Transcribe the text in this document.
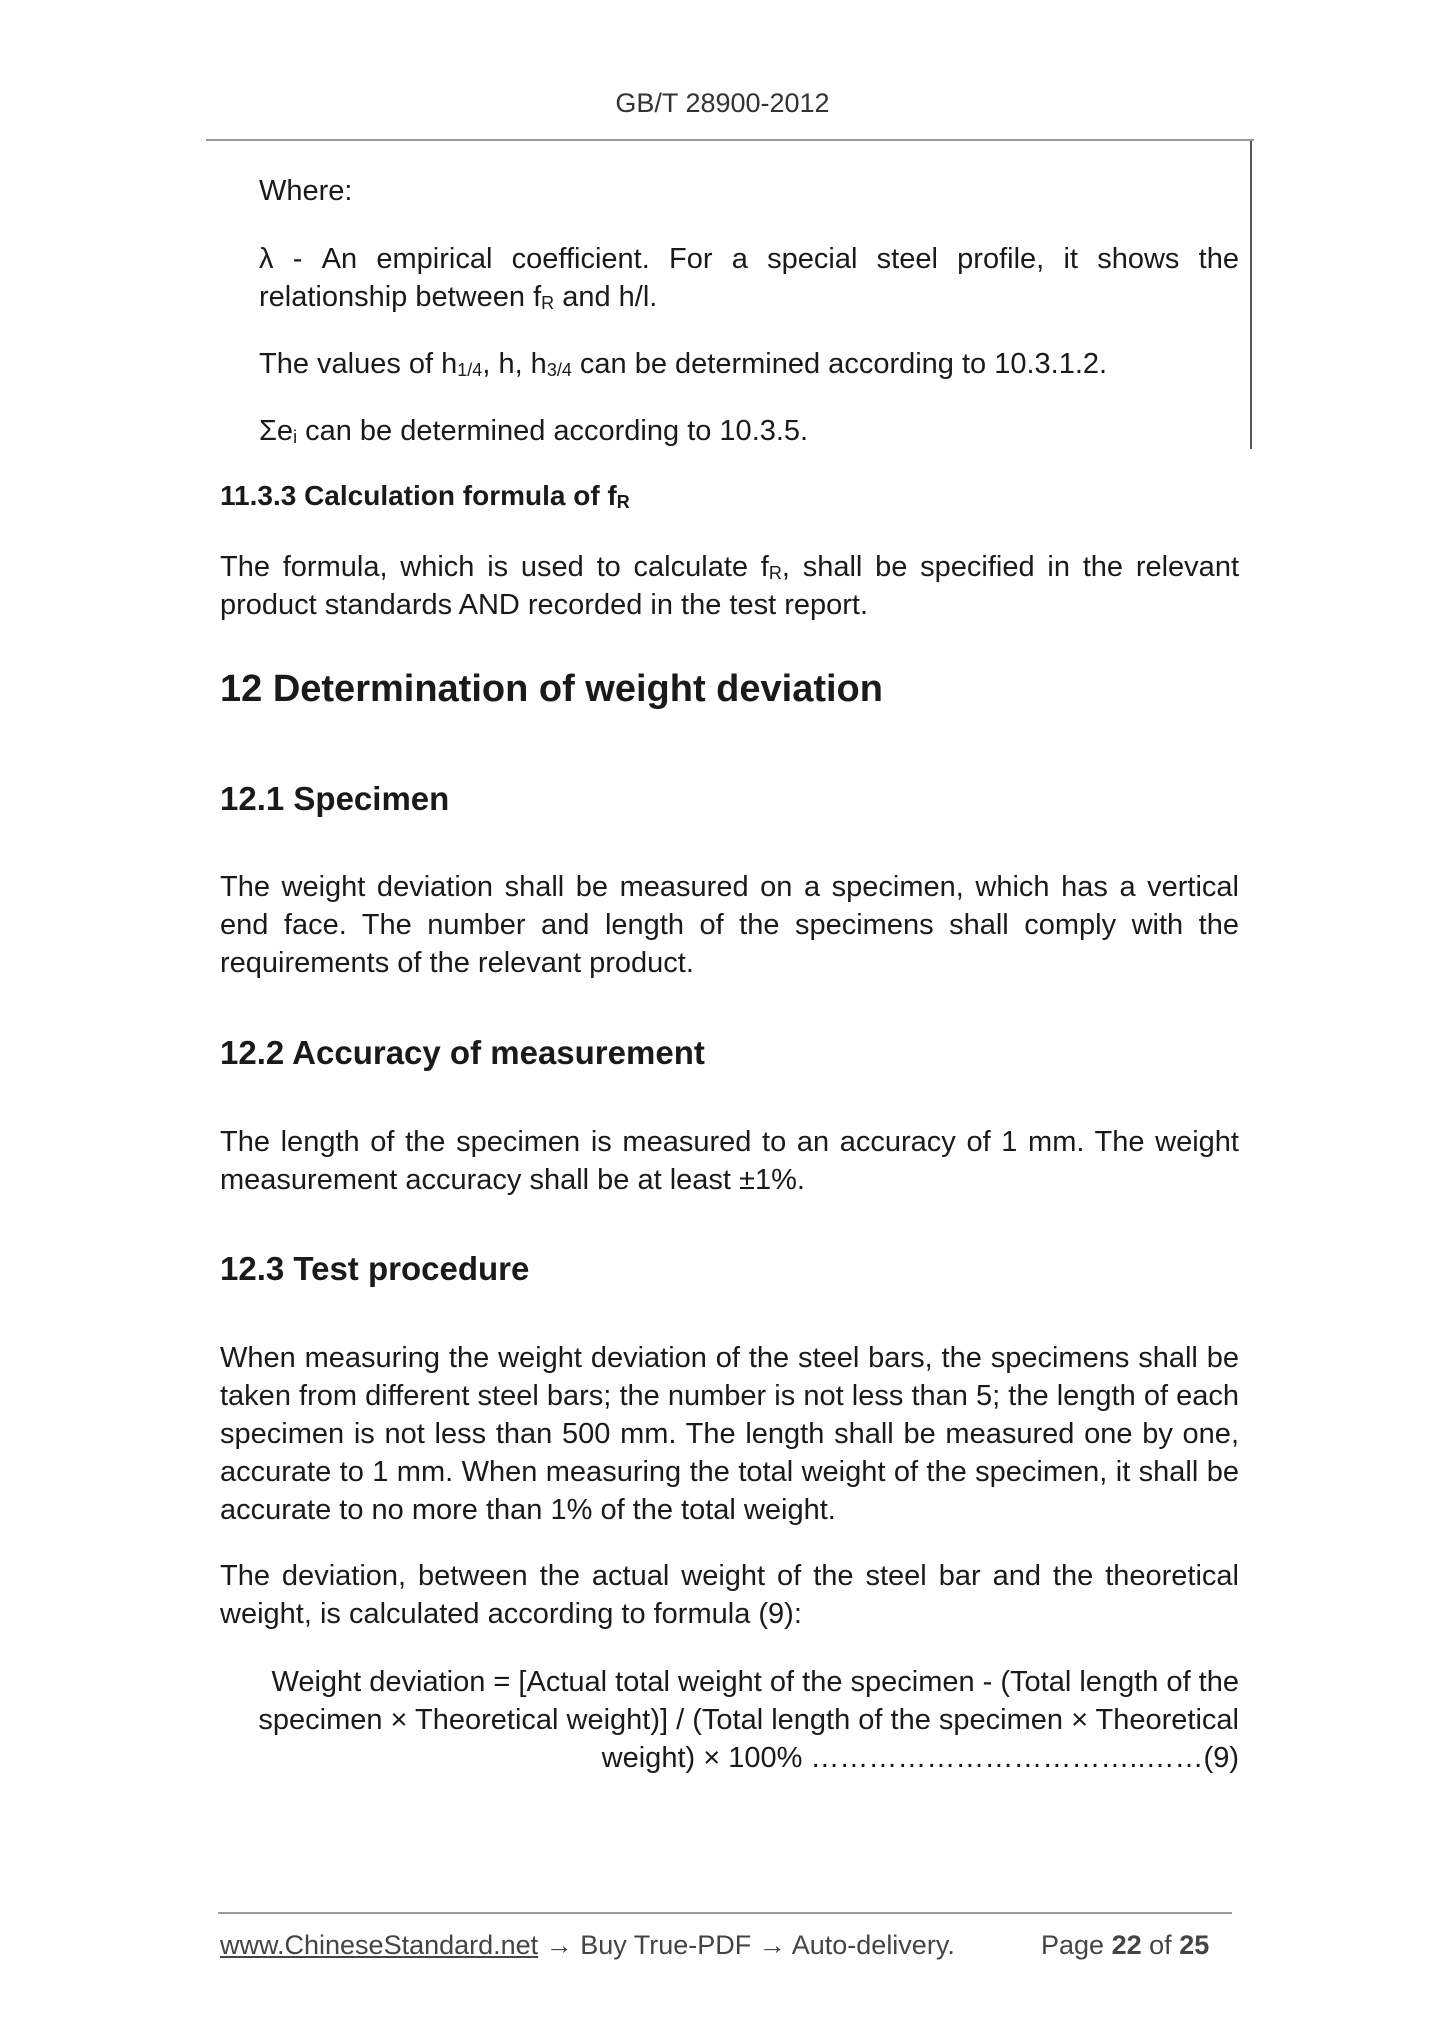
GB/T 28900-2012
Where:
λ - An empirical coefficient. For a special steel profile, it shows the relationship between fR and h/l.
The values of h1/4, h, h3/4 can be determined according to 10.3.1.2.
Σei can be determined according to 10.3.5.
11.3.3 Calculation formula of fR
The formula, which is used to calculate fR, shall be specified in the relevant product standards AND recorded in the test report.
12 Determination of weight deviation
12.1 Specimen
The weight deviation shall be measured on a specimen, which has a vertical end face. The number and length of the specimens shall comply with the requirements of the relevant product.
12.2 Accuracy of measurement
The length of the specimen is measured to an accuracy of 1 mm. The weight measurement accuracy shall be at least ±1%.
12.3 Test procedure
When measuring the weight deviation of the steel bars, the specimens shall be taken from different steel bars; the number is not less than 5; the length of each specimen is not less than 500 mm. The length shall be measured one by one, accurate to 1 mm. When measuring the total weight of the specimen, it shall be accurate to no more than 1% of the total weight.
The deviation, between the actual weight of the steel bar and the theoretical weight, is calculated according to formula (9):
Weight deviation = [Actual total weight of the specimen - (Total length of the
specimen × Theoretical weight)] / (Total length of the specimen × Theoretical
weight) × 100% ……………………………..……(9)
www.ChineseStandard.net → Buy True-PDF → Auto-delivery.	Page 22 of 25
